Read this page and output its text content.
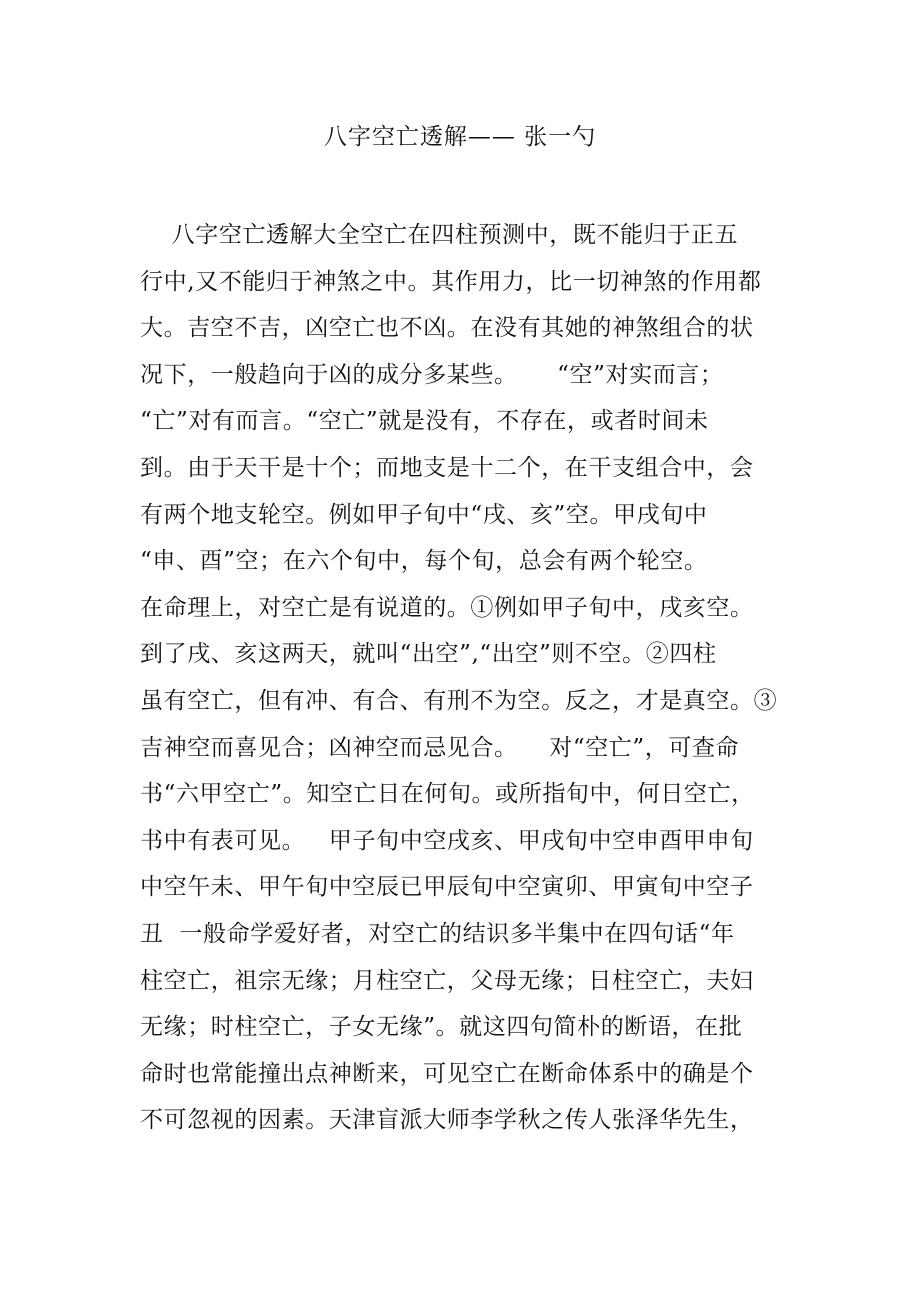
八字空亡透解—— 张一勺
八字空亡透解大全空亡在四柱预测中，既不能归于正五
行中,又不能归于神煞之中。其作用力，比一切神煞的作用都
大。吉空不吉，凶空亡也不凶。在没有其她的神煞组合的状
况下，一般趋向于凶的成分多某些。     “空”对实而言；
“亡”对有而言。“空亡”就是没有，不存在，或者时间未
到。由于天干是十个；而地支是十二个，在干支组合中，会
有两个地支轮空。例如甲子旬中“戌、亥”空。甲戌旬中
“申、酉”空；在六个旬中，每个旬，总会有两个轮空。
在命理上，对空亡是有说道的。①例如甲子旬中，戌亥空。
到了戌、亥这两天，就叫“出空”,“出空”则不空。②四柱
虽有空亡，但有冲、有合、有刑不为空。反之，才是真空。③
吉神空而喜见合；凶神空而忌见合。    对“空亡”，可查命
书“六甲空亡”。知空亡日在何旬。或所指旬中，何日空亡，
书中有表可见。   甲子旬中空戌亥、甲戌旬中空申酉甲申旬
中空午未、甲午旬中空辰已甲辰旬中空寅卯、甲寅旬中空子
丑  一般命学爱好者，对空亡的结识多半集中在四句话“年
柱空亡，祖宗无缘；月柱空亡，父母无缘；日柱空亡，夫妇
无缘；时柱空亡，子女无缘”。就这四句简朴的断语，在批
命时也常能撞出点神断来，可见空亡在断命体系中的确是个
不可忽视的因素。天津盲派大师李学秋之传人张泽华先生，
